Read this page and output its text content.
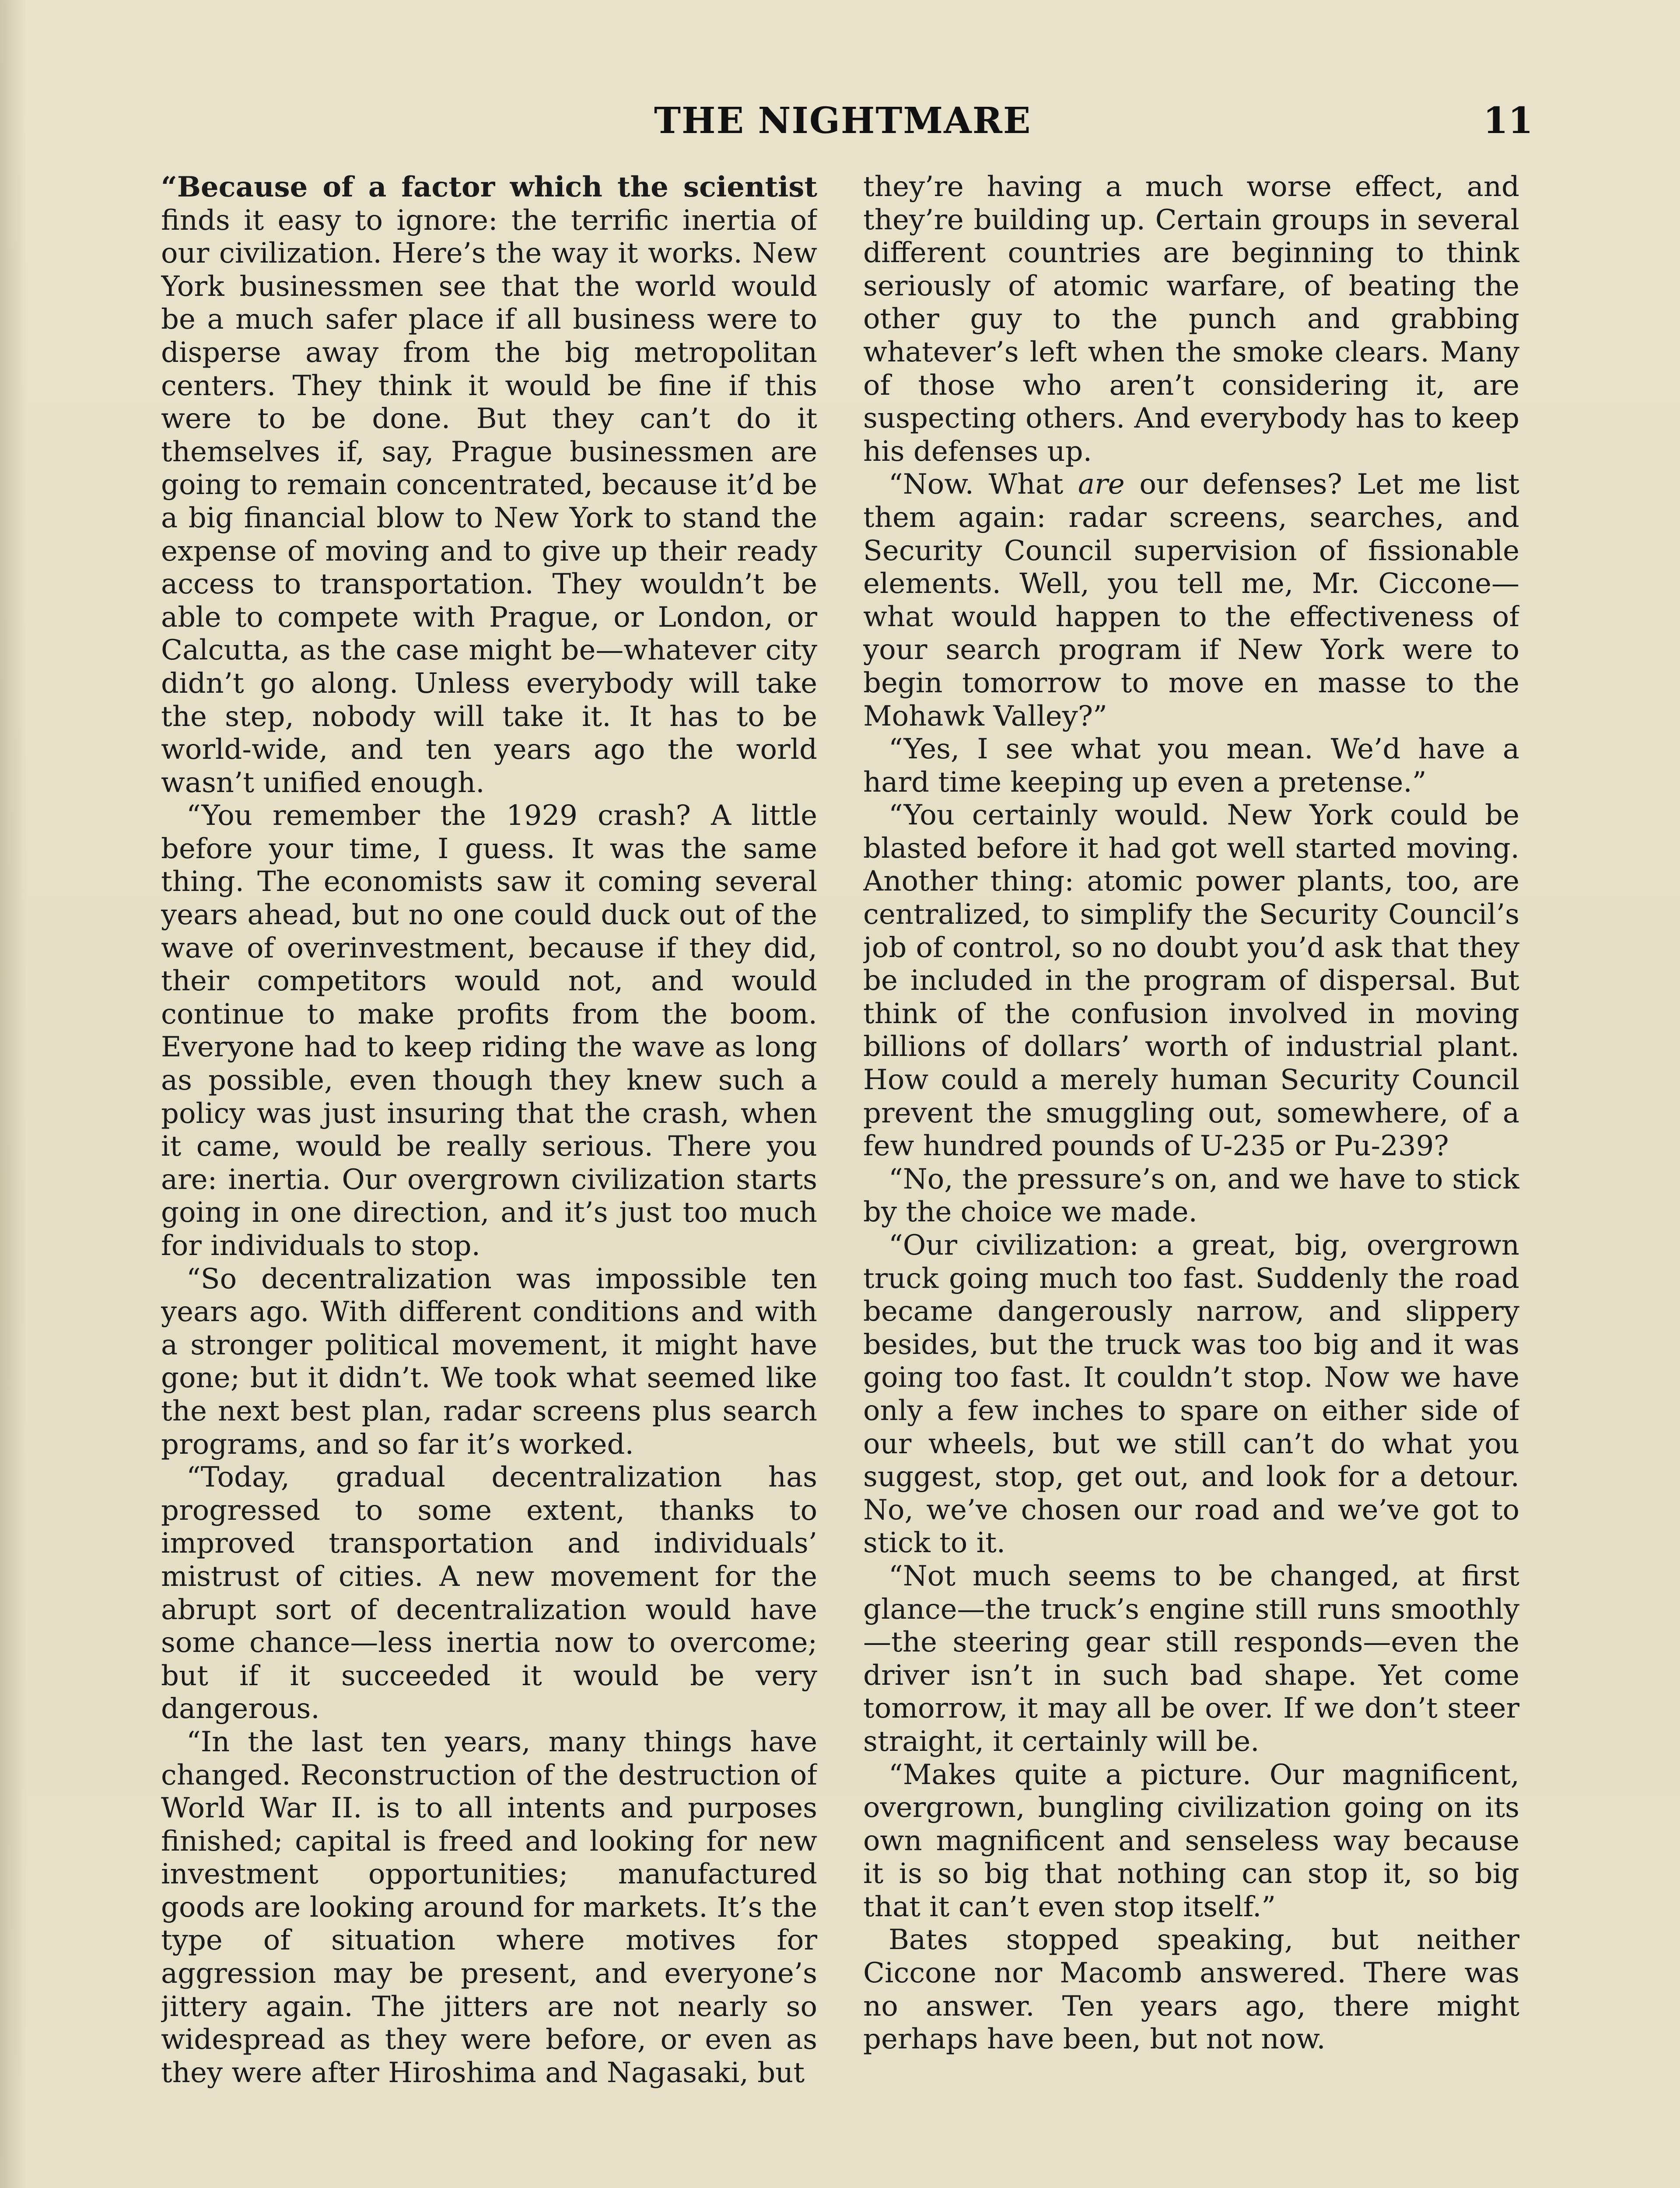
THE NIGHTMARE	11

“Because of a factor which the scientist finds it easy to ignore: the terrific inertia of our civilization. Here’s the way it works. New York businessmen see that the world would be a much safer place if all business were to disperse away from the big metropolitan centers. They think it would be fine if this were to be done. But they can’t do it themselves if, say, Prague businessmen are going to remain concentrated, because it’d be a big financial blow to New York to stand the expense of moving and to give up their ready access to transportation. They wouldn’t be able to compete with Prague, or London, or Calcutta, as the case might be—whatever city didn’t go along. Unless everybody will take the step, nobody will take it. It has to be world-wide, and ten years ago the world wasn’t unified enough.

“You remember the 1929 crash? A little before your time, I guess. It was the same thing. The economists saw it coming several years ahead, but no one could duck out of the wave of overinvestment, because if they did, their competitors would not, and would continue to make profits from the boom. Everyone had to keep riding the wave as long as possible, even though they knew such a policy was just insuring that the crash, when it came, would be really serious. There you are: inertia. Our overgrown civilization starts going in one direction, and it’s just too much for individuals to stop.

“So decentralization was impossible ten years ago. With different conditions and with a stronger political movement, it might have gone; but it didn’t. We took what seemed like the next best plan, radar screens plus search programs, and so far it’s worked.

“Today, gradual decentralization has progressed to some extent, thanks to improved transportation and individuals’ mistrust of cities. A new movement for the abrupt sort of decentralization would have some chance—less inertia now to overcome; but if it succeeded it would be very dangerous.

“In the last ten years, many things have changed. Reconstruction of the destruction of World War II. is to all intents and purposes finished; capital is freed and looking for new investment opportunities; manufactured goods are looking around for markets. It’s the type of situation where motives for aggression may be present, and everyone’s jittery again. The jitters are not nearly so widespread as they were before, or even as they were after Hiroshima and Nagasaki, but

they’re having a much worse effect, and they’re building up. Certain groups in several different countries are beginning to think seriously of atomic warfare, of beating the other guy to the punch and grabbing whatever’s left when the smoke clears. Many of those who aren’t considering it, are suspecting others. And everybody has to keep his defenses up.

“Now. What are our defenses? Let me list them again: radar screens, searches, and Security Council supervision of fissionable elements. Well, you tell me, Mr. Ciccone—what would happen to the effectiveness of your search program if New York were to begin tomorrow to move en masse to the Mohawk Valley?”

“Yes, I see what you mean. We’d have a hard time keeping up even a pretense.”

“You certainly would. New York could be blasted before it had got well started moving. Another thing: atomic power plants, too, are centralized, to simplify the Security Council’s job of control, so no doubt you’d ask that they be included in the program of dispersal. But think of the confusion involved in moving billions of dollars’ worth of industrial plant. How could a merely human Security Council prevent the smuggling out, somewhere, of a few hundred pounds of U-235 or Pu-239?

“No, the pressure’s on, and we have to stick by the choice we made.

“Our civilization: a great, big, overgrown truck going much too fast. Suddenly the road became dangerously narrow, and slippery besides, but the truck was too big and it was going too fast. It couldn’t stop. Now we have only a few inches to spare on either side of our wheels, but we still can’t do what you suggest, stop, get out, and look for a detour. No, we’ve chosen our road and we’ve got to stick to it.

“Not much seems to be changed, at first glance—the truck’s engine still runs smoothly—the steering gear still responds—even the driver isn’t in such bad shape. Yet come tomorrow, it may all be over. If we don’t steer straight, it certainly will be.

“Makes quite a picture. Our magnificent, overgrown, bungling civilization going on its own magnificent and senseless way because it is so big that nothing can stop it, so big that it can’t even stop itself.”

Bates stopped speaking, but neither Ciccone nor Macomb answered. There was no answer. Ten years ago, there might perhaps have been, but not now.
